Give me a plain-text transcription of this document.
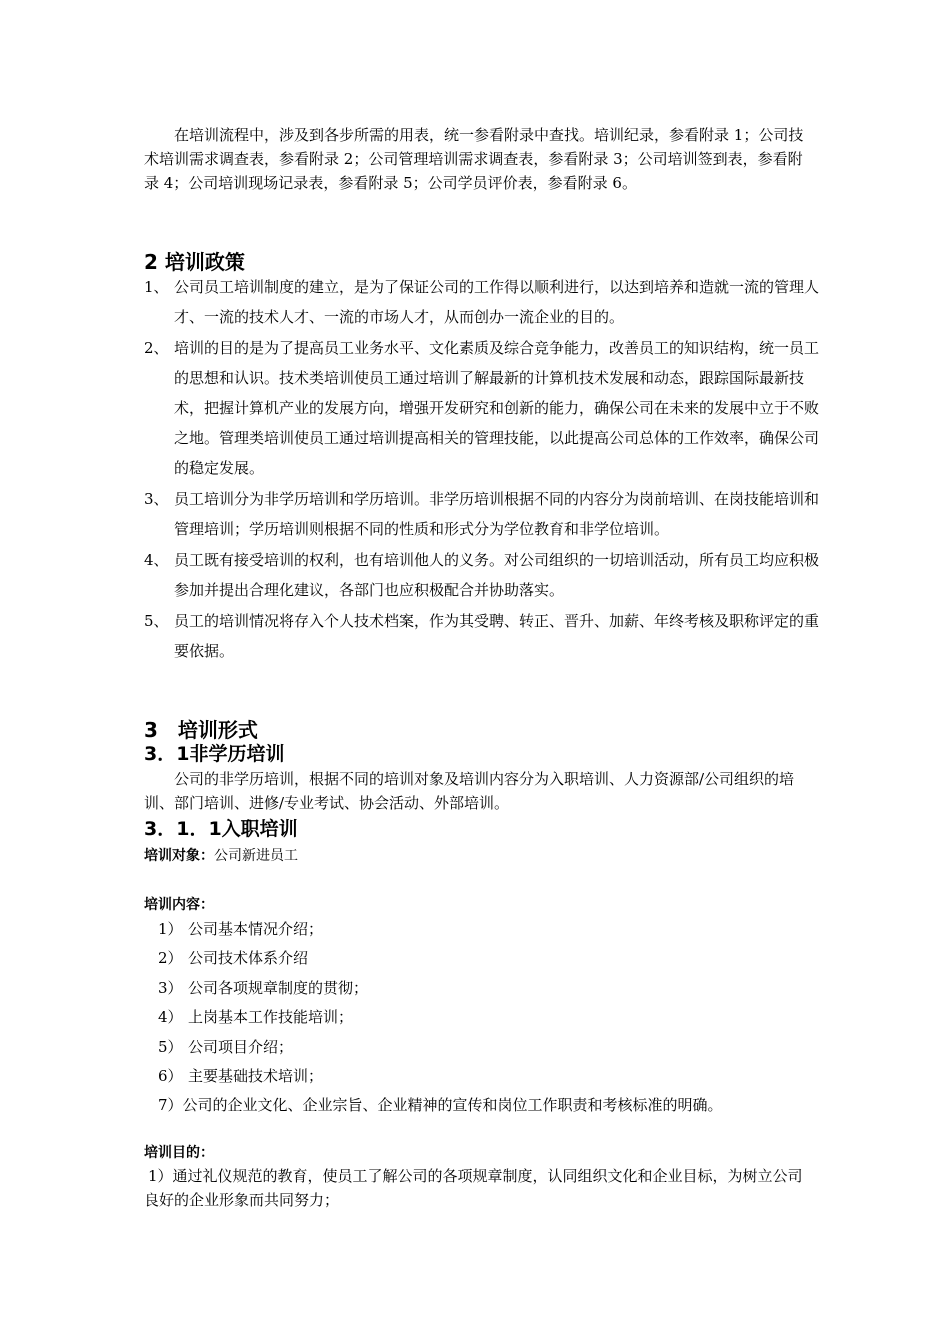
在培训流程中，涉及到各步所需的用表，统一参看附录中查找。培训纪录，参看附录 1；公司技术培训需求调查表，参看附录 2；公司管理培训需求调查表，参看附录 3；公司培训签到表，参看附录 4；公司培训现场记录表，参看附录 5；公司学员评价表，参看附录 6。

2 培训政策
1、 公司员工培训制度的建立，是为了保证公司的工作得以顺利进行，以达到培养和造就一流的管理人才、一流的技术人才、一流的市场人才，从而创办一流企业的目的。
2、 培训的目的是为了提高员工业务水平、文化素质及综合竞争能力，改善员工的知识结构，统一员工的思想和认识。技术类培训使员工通过培训了解最新的计算机技术发展和动态，跟踪国际最新技术，把握计算机产业的发展方向，增强开发研究和创新的能力，确保公司在未来的发展中立于不败之地。管理类培训使员工通过培训提高相关的管理技能，以此提高公司总体的工作效率，确保公司的稳定发展。
3、 员工培训分为非学历培训和学历培训。非学历培训根据不同的内容分为岗前培训、在岗技能培训和管理培训；学历培训则根据不同的性质和形式分为学位教育和非学位培训。
4、 员工既有接受培训的权利，也有培训他人的义务。对公司组织的一切培训活动，所有员工均应积极参加并提出合理化建议，各部门也应积极配合并协助落实。
5、 员工的培训情况将存入个人技术档案，作为其受聘、转正、晋升、加薪、年终考核及职称评定的重要依据。
3　培训形式
3．1非学历培训

公司的非学历培训，根据不同的培训对象及培训内容分为入职培训、人力资源部/公司组织的培训、部门培训、进修/专业考试、协会活动、外部培训。

3．1．1入职培训
培训对象：公司新进员工
培训内容：
1） 公司基本情况介绍；
2） 公司技术体系介绍
3） 公司各项规章制度的贯彻；
4） 上岗基本工作技能培训；
5） 公司项目介绍；
6） 主要基础技术培训；
7）公司的企业文化、企业宗旨、企业精神的宣传和岗位工作职责和考核标准的明确。
培训目的：

1）通过礼仪规范的教育，使员工了解公司的各项规章制度，认同组织文化和企业目标，为树立公司良好的企业形象而共同努力；
